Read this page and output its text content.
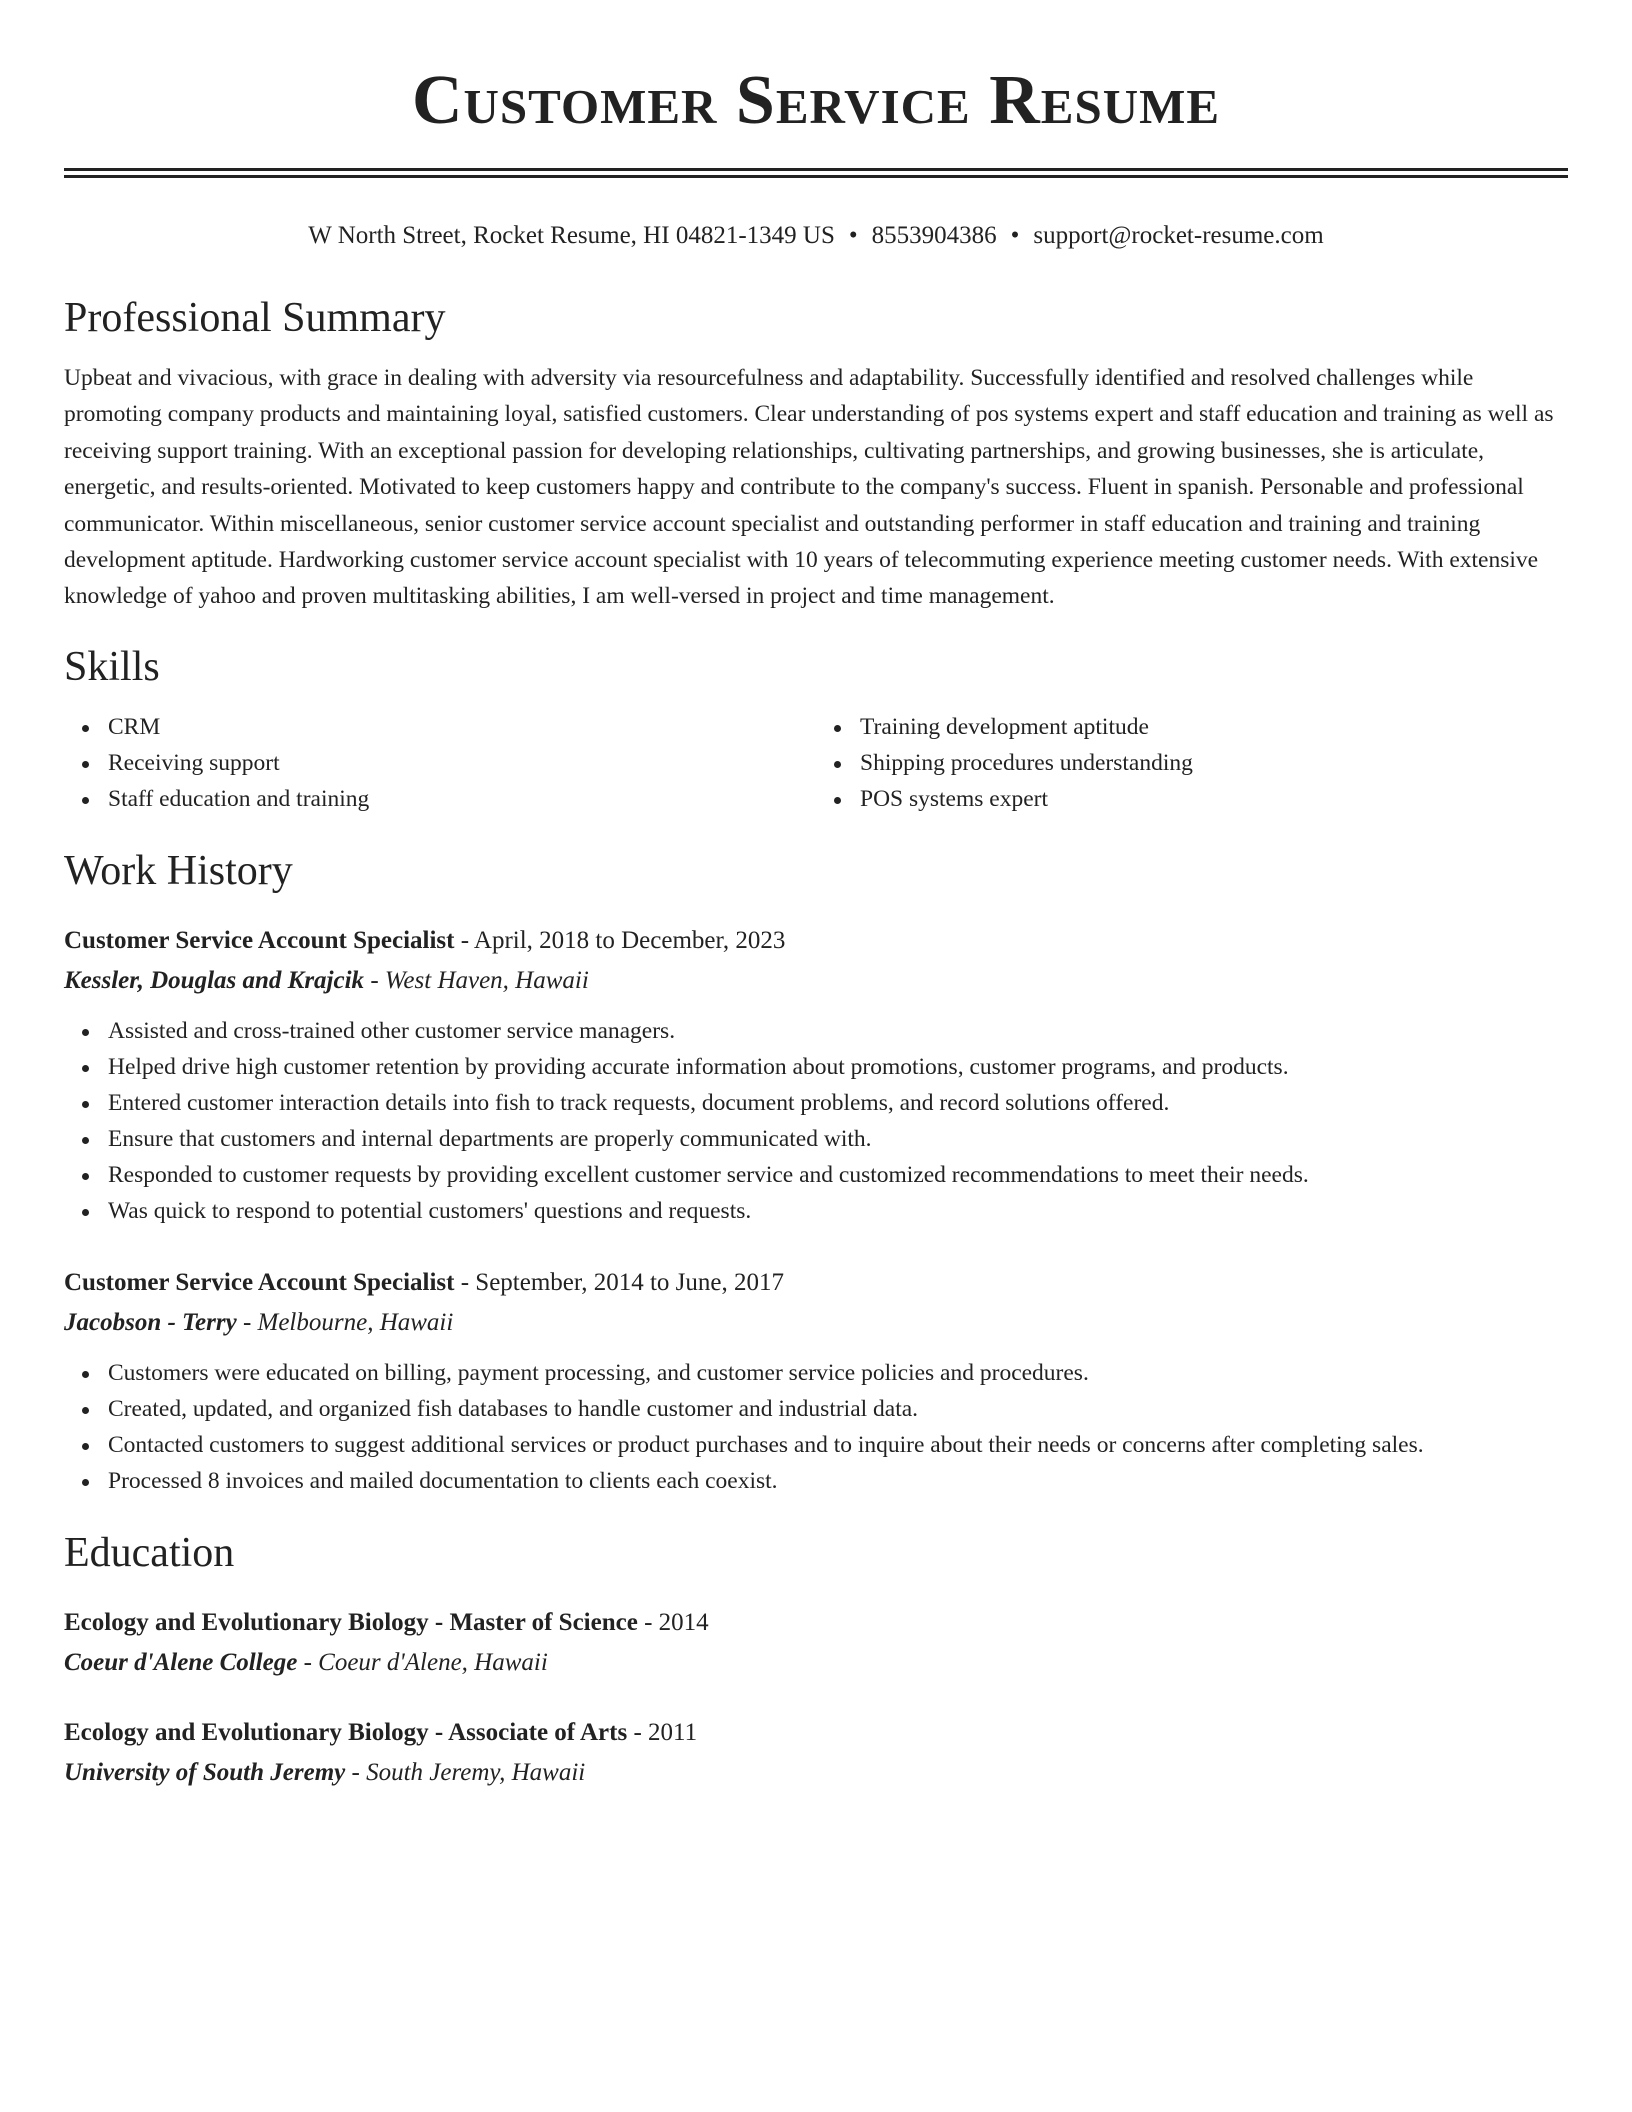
Customer Service Resume
W North Street, Rocket Resume, HI 04821-1349 US • 8553904386 • support@rocket-resume.com
Professional Summary

Upbeat and vivacious, with grace in dealing with adversity via resourcefulness and adaptability. Successfully identified and resolved challenges while promoting company products and maintaining loyal, satisfied customers. Clear understanding of pos systems expert and staff education and training as well as receiving support training. With an exceptional passion for developing relationships, cultivating partnerships, and growing businesses, she is articulate, energetic, and results-oriented. Motivated to keep customers happy and contribute to the company's success. Fluent in spanish. Personable and professional communicator. Within miscellaneous, senior customer service account specialist and outstanding performer in staff education and training and training development aptitude. Hardworking customer service account specialist with 10 years of telecommuting experience meeting customer needs. With extensive knowledge of yahoo and proven multitasking abilities, I am well-versed in project and time management.

Skills
CRM
Receiving support
Staff education and training
Training development aptitude
Shipping procedures understanding
POS systems expert
Work History
Customer Service Account Specialist - April, 2018 to December, 2023
Kessler, Douglas and Krajcik - West Haven, Hawaii
Assisted and cross-trained other customer service managers.
Helped drive high customer retention by providing accurate information about promotions, customer programs, and products.
Entered customer interaction details into fish to track requests, document problems, and record solutions offered.
Ensure that customers and internal departments are properly communicated with.
Responded to customer requests by providing excellent customer service and customized recommendations to meet their needs.
Was quick to respond to potential customers' questions and requests.
Customer Service Account Specialist - September, 2014 to June, 2017
Jacobson - Terry - Melbourne, Hawaii
Customers were educated on billing, payment processing, and customer service policies and procedures.
Created, updated, and organized fish databases to handle customer and industrial data.
Contacted customers to suggest additional services or product purchases and to inquire about their needs or concerns after completing sales.
Processed 8 invoices and mailed documentation to clients each coexist.
Education
Ecology and Evolutionary Biology - Master of Science - 2014
Coeur d'Alene College - Coeur d'Alene, Hawaii
Ecology and Evolutionary Biology - Associate of Arts - 2011
University of South Jeremy - South Jeremy, Hawaii
